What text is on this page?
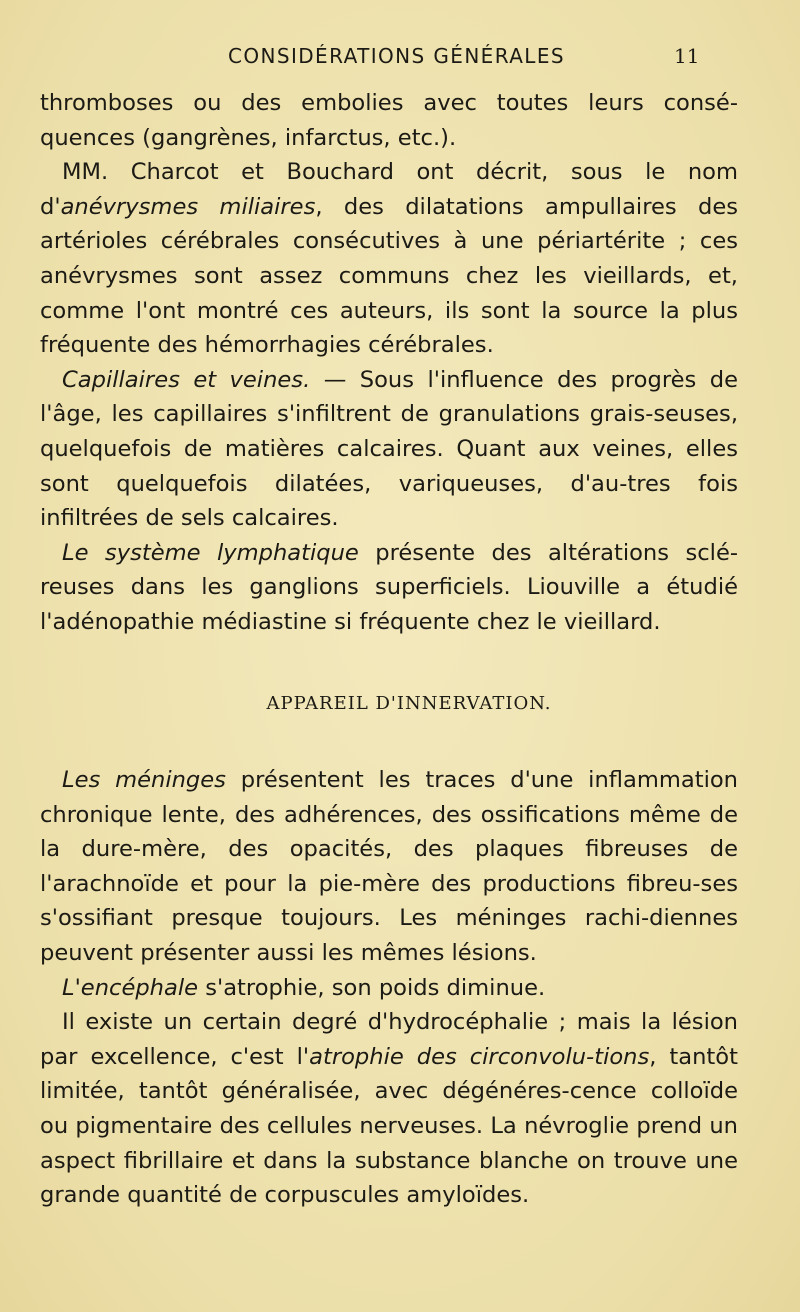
CONSIDÉRATIONS GÉNÉRALES	11

thromboses ou des embolies avec toutes leurs consé-quences (gangrènes, infarctus, etc.).

MM. Charcot et Bouchard ont décrit, sous le nom d'anévrysmes miliaires, des dilatations ampullaires des artérioles cérébrales consécutives à une périartérite ; ces anévrysmes sont assez communs chez les vieillards, et, comme l'ont montré ces auteurs, ils sont la source la plus fréquente des hémorrhagies cérébrales.

Capillaires et veines. — Sous l'influence des progrès de l'âge, les capillaires s'infiltrent de granulations grais-seuses, quelquefois de matières calcaires. Quant aux veines, elles sont quelquefois dilatées, variqueuses, d'au-tres fois infiltrées de sels calcaires.

Le système lymphatique présente des altérations sclé-reuses dans les ganglions superficiels. Liouville a étudié l'adénopathie médiastine si fréquente chez le vieillard.

APPAREIL D'INNERVATION.

Les méninges présentent les traces d'une inflammation chronique lente, des adhérences, des ossifications même de la dure-mère, des opacités, des plaques fibreuses de l'arachnoïde et pour la pie-mère des productions fibreu-ses s'ossifiant presque toujours. Les méninges rachi-diennes peuvent présenter aussi les mêmes lésions.

L'encéphale s'atrophie, son poids diminue.

Il existe un certain degré d'hydrocéphalie ; mais la lésion par excellence, c'est l'atrophie des circonvolu-tions, tantôt limitée, tantôt généralisée, avec dégénéres-cence colloïde ou pigmentaire des cellules nerveuses. La névroglie prend un aspect fibrillaire et dans la substance blanche on trouve une grande quantité de corpuscules amyloïdes.
